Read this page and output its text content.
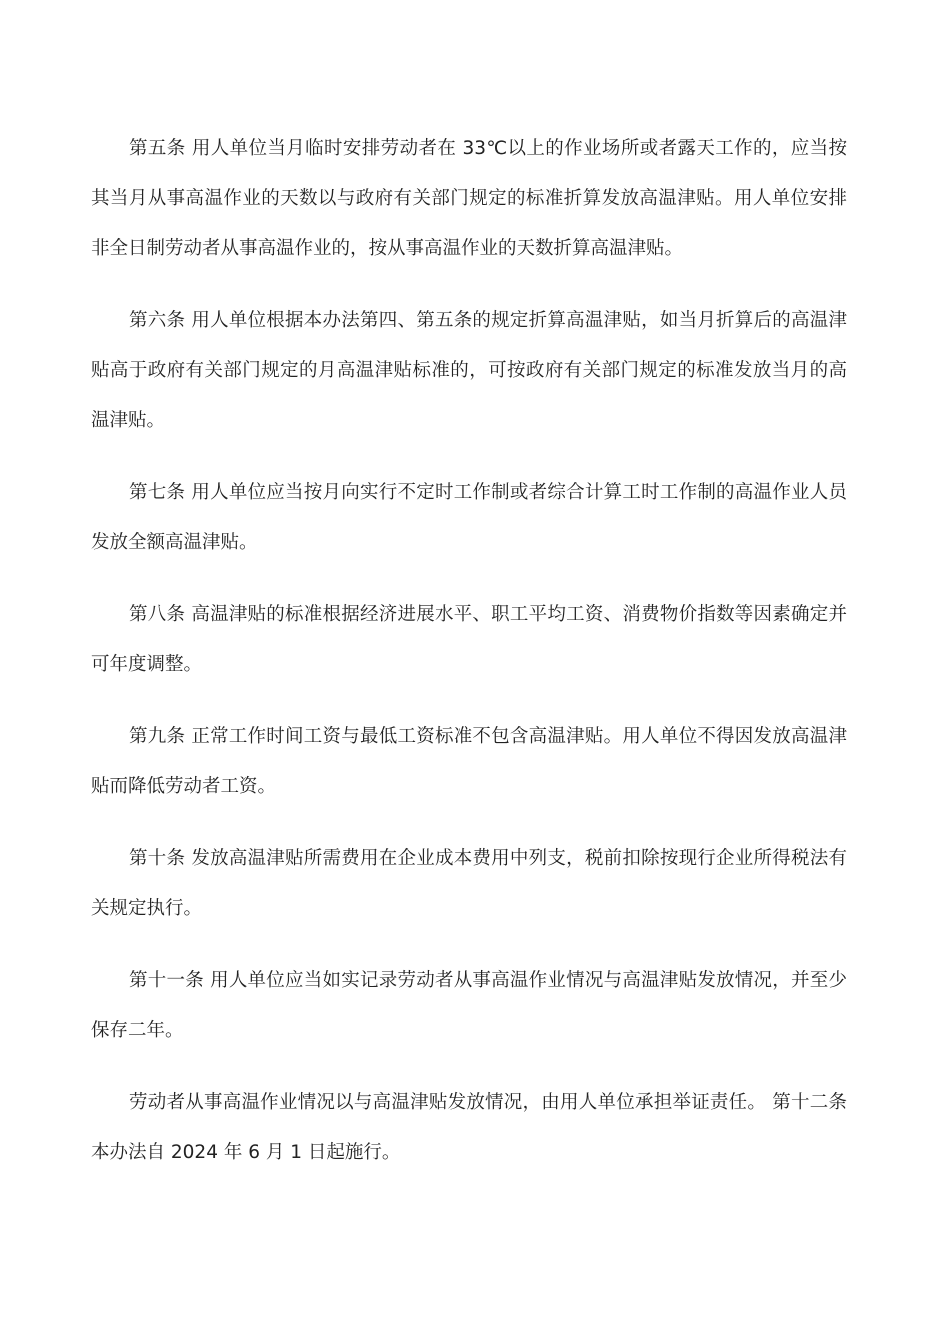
第五条 用人单位当月临时安排劳动者在 33℃以上的作业场所或者露天工作的，应当按其当月从事高温作业的天数以与政府有关部门规定的标准折算发放高温津贴。用人单位安排非全日制劳动者从事高温作业的，按从事高温作业的天数折算高温津贴。

第六条 用人单位根据本办法第四、第五条的规定折算高温津贴，如当月折算后的高温津贴高于政府有关部门规定的月高温津贴标准的，可按政府有关部门规定的标准发放当月的高温津贴。

第七条 用人单位应当按月向实行不定时工作制或者综合计算工时工作制的高温作业人员发放全额高温津贴。

第八条 高温津贴的标准根据经济进展水平、职工平均工资、消费物价指数等因素确定并可年度调整。

第九条 正常工作时间工资与最低工资标准不包含高温津贴。用人单位不得因发放高温津贴而降低劳动者工资。

第十条 发放高温津贴所需费用在企业成本费用中列支，税前扣除按现行企业所得税法有关规定执行。

第十一条 用人单位应当如实记录劳动者从事高温作业情况与高温津贴发放情况，并至少保存二年。

劳动者从事高温作业情况以与高温津贴发放情况，由用人单位承担举证责任。 第十二条 本办法自 2024 年 6 月 1 日起施行。
